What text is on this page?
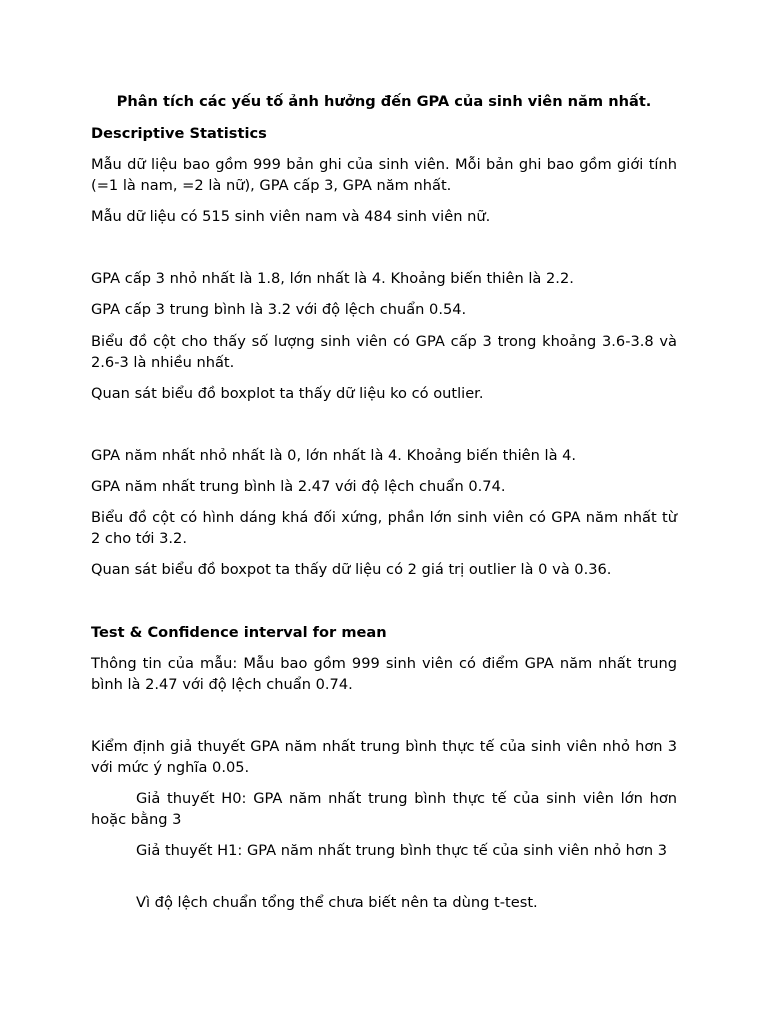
Phân tích các yếu tố ảnh hưởng đến GPA của sinh viên năm nhất.

Descriptive Statistics

Mẫu dữ liệu bao gồm 999 bản ghi của sinh viên. Mỗi bản ghi bao gồm giới tính (=1 là nam, =2 là nữ), GPA cấp 3, GPA năm nhất.

Mẫu dữ liệu có 515 sinh viên nam và 484 sinh viên nữ.

GPA cấp 3 nhỏ nhất là 1.8, lớn nhất là 4. Khoảng biến thiên là 2.2.

GPA cấp 3 trung bình là 3.2 với độ lệch chuẩn 0.54.

Biểu đồ cột cho thấy số lượng sinh viên có GPA cấp 3 trong khoảng 3.6-3.8 và 2.6-3 là nhiều nhất.

Quan sát biểu đồ boxplot ta thấy dữ liệu ko có outlier.

GPA năm nhất nhỏ nhất là 0, lớn nhất là 4. Khoảng biến thiên là 4.

GPA năm nhất trung bình là 2.47 với độ lệch chuẩn 0.74.

Biểu đồ cột có hình dáng khá đối xứng, phần lớn sinh viên có GPA năm nhất từ 2 cho tới 3.2.

Quan sát biểu đồ boxpot ta thấy dữ liệu có 2 giá trị outlier là 0 và 0.36.

Test & Confidence interval for mean

Thông tin của mẫu: Mẫu bao gồm 999 sinh viên có điểm GPA năm nhất trung bình là 2.47 với độ lệch chuẩn 0.74.

Kiểm định giả thuyết GPA năm nhất trung bình thực tế của sinh viên nhỏ hơn 3 với mức ý nghĩa 0.05.

Giả thuyết H0: GPA năm nhất trung bình thực tế của sinh viên lớn hơn hoặc bằng 3

Giả thuyết H1: GPA năm nhất trung bình thực tế của sinh viên nhỏ hơn 3

Vì độ lệch chuẩn tổng thể chưa biết nên ta dùng t-test.
